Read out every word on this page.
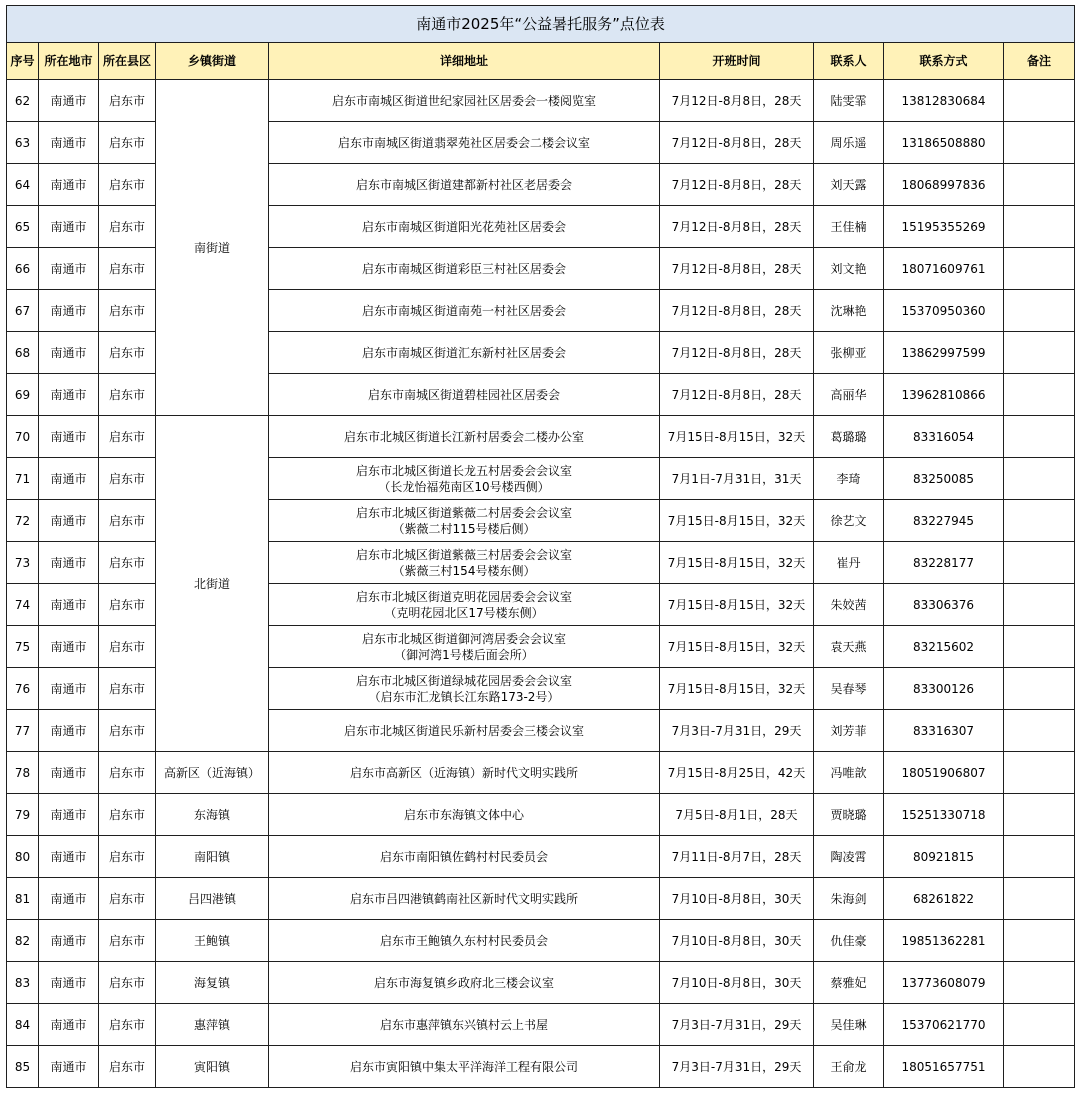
南通市2025年“公益暑托服务”点位表								
序号	所在地市	所在县区	乡镇街道	详细地址	开班时间	联系人	联系方式	备注
62	南通市	启东市	南街道	启东市南城区街道世纪家园社区居委会一楼阅览室	7月12日-8月8日，28天	陆雯霏	13812830684	
63	南通市	启东市		启东市南城区街道翡翠苑社区居委会二楼会议室	7月12日-8月8日，28天	周乐遥	13186508880	
64	南通市	启东市		启东市南城区街道建都新村社区老居委会	7月12日-8月8日，28天	刘天露	18068997836	
65	南通市	启东市		启东市南城区街道阳光花苑社区居委会	7月12日-8月8日，28天	王佳楠	15195355269	
66	南通市	启东市		启东市南城区街道彩臣三村社区居委会	7月12日-8月8日，28天	刘文艳	18071609761	
67	南通市	启东市		启东市南城区街道南苑一村社区居委会	7月12日-8月8日，28天	沈琳艳	15370950360	
68	南通市	启东市		启东市南城区街道汇东新村社区居委会	7月12日-8月8日，28天	张柳亚	13862997599	
69	南通市	启东市		启东市南城区街道碧桂园社区居委会	7月12日-8月8日，28天	高丽华	13962810866	
70	南通市	启东市	北街道	启东市北城区街道长江新村居委会二楼办公室	7月15日-8月15日，32天	葛璐璐	83316054	
71	南通市	启东市		启东市北城区街道长龙五村居委会会议室
（长龙怡福苑南区10号楼西侧）	7月1日-7月31日，31天	李琦	83250085	
72	南通市	启东市		启东市北城区街道紫薇二村居委会会议室
（紫薇二村115号楼后侧）	7月15日-8月15日，32天	徐艺文	83227945	
73	南通市	启东市		启东市北城区街道紫薇三村居委会会议室
（紫薇三村154号楼东侧）	7月15日-8月15日，32天	崔丹	83228177	
74	南通市	启东市		启东市北城区街道克明花园居委会会议室
（克明花园北区17号楼东侧）	7月15日-8月15日，32天	朱姣茜	83306376	
75	南通市	启东市		启东市北城区街道御河湾居委会会议室
（御河湾1号楼后面会所）	7月15日-8月15日，32天	袁天燕	83215602	
76	南通市	启东市		启东市北城区街道绿城花园居委会会议室
（启东市汇龙镇长江东路173-2号）	7月15日-8月15日，32天	吴春琴	83300126	
77	南通市	启东市		启东市北城区街道民乐新村居委会三楼会议室	7月3日-7月31日，29天	刘芳菲	83316307	
78	南通市	启东市	高新区（近海镇）	启东市高新区（近海镇）新时代文明实践所	7月15日-8月25日，42天	冯唯歆	18051906807	
79	南通市	启东市	东海镇	启东市东海镇文体中心	7月5日-8月1日，28天	贾晓璐	15251330718	
80	南通市	启东市	南阳镇	启东市南阳镇佐鹤村村民委员会	7月11日-8月7日，28天	陶凌霄	80921815	
81	南通市	启东市	吕四港镇	启东市吕四港镇鹤南社区新时代文明实践所	7月10日-8月8日，30天	朱海剑	68261822	
82	南通市	启东市	王鲍镇	启东市王鲍镇久东村村民委员会	7月10日-8月8日，30天	仇佳豪	19851362281	
83	南通市	启东市	海复镇	启东市海复镇乡政府北三楼会议室	7月10日-8月8日，30天	蔡雅妃	13773608079	
84	南通市	启东市	惠萍镇	启东市惠萍镇东兴镇村云上书屋	7月3日-7月31日，29天	吴佳琳	15370621770	
85	南通市	启东市	寅阳镇	启东市寅阳镇中集太平洋海洋工程有限公司	7月3日-7月31日，29天	王俞龙	18051657751	
